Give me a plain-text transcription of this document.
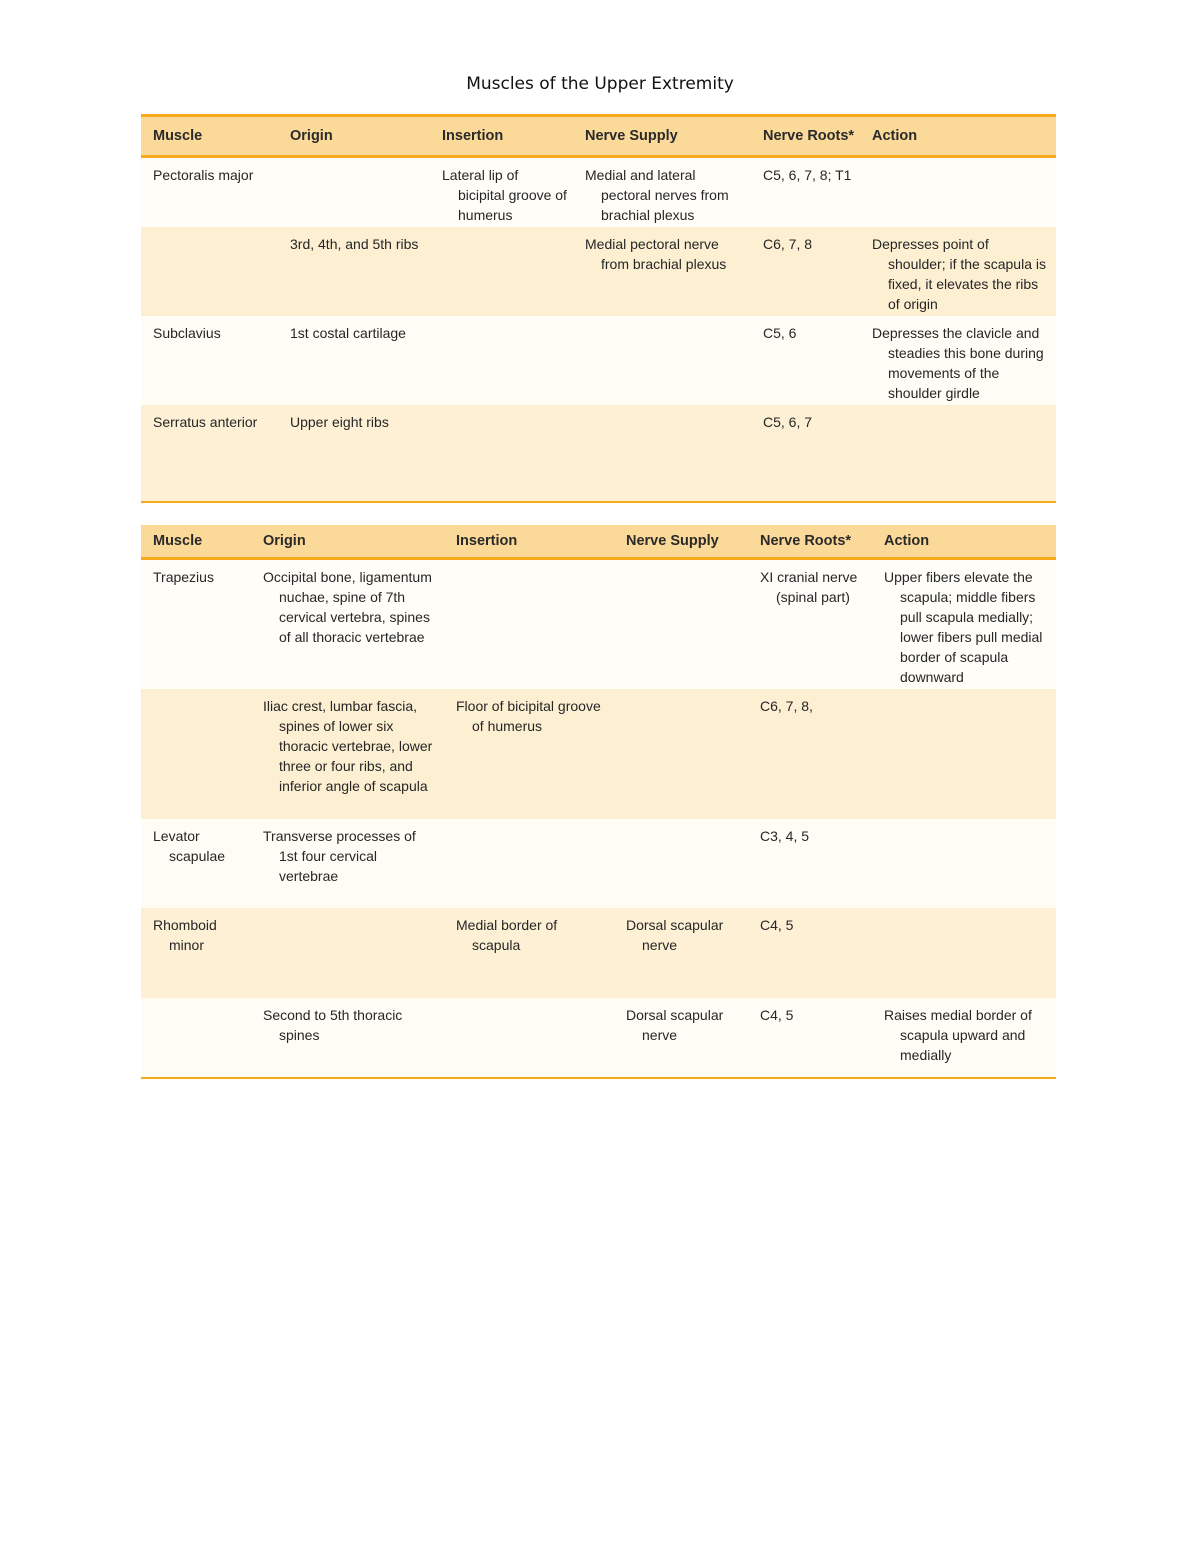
Muscles of the Upper Extremity
Muscle	Origin	Insertion	Nerve Supply	Nerve Roots*	Action

Pectoralis major		Lateral lip of bicipital groove of humerus	Medial and lateral pectoral nerves from brachial plexus	C5, 6, 7, 8; T1	

	3rd, 4th, and 5th ribs		Medial pectoral nerve from brachial plexus	C6, 7, 8	Depresses point of shoulder; if the scapula is fixed, it elevates the ribs of origin

Subclavius	1st costal cartilage			C5, 6	Depresses the clavicle and steadies this bone during movements of the shoulder girdle

Serratus anterior	Upper eight ribs			C5, 6, 7	

Muscle	Origin	Insertion	Nerve Supply	Nerve Roots*	Action

Trapezius	Occipital bone, ligamentum nuchae, spine of 7th cervical vertebra, spines of all thoracic vertebrae			XI cranial nerve (spinal part)	Upper fibers elevate the scapula; middle fibers pull scapula medially; lower fibers pull medial border of scapula downward

	Iliac crest, lumbar fascia, spines of lower six thoracic vertebrae, lower three or four ribs, and inferior angle of scapula	Floor of bicipital groove of humerus		C6, 7, 8,	

Levator scapulae	Transverse processes of 1st four cervical vertebrae			C3, 4, 5	

Rhomboid minor		Medial border of scapula	Dorsal scapular nerve	C4, 5	

	Second to 5th thoracic spines		Dorsal scapular nerve	C4, 5	Raises medial border of scapula upward and medially
